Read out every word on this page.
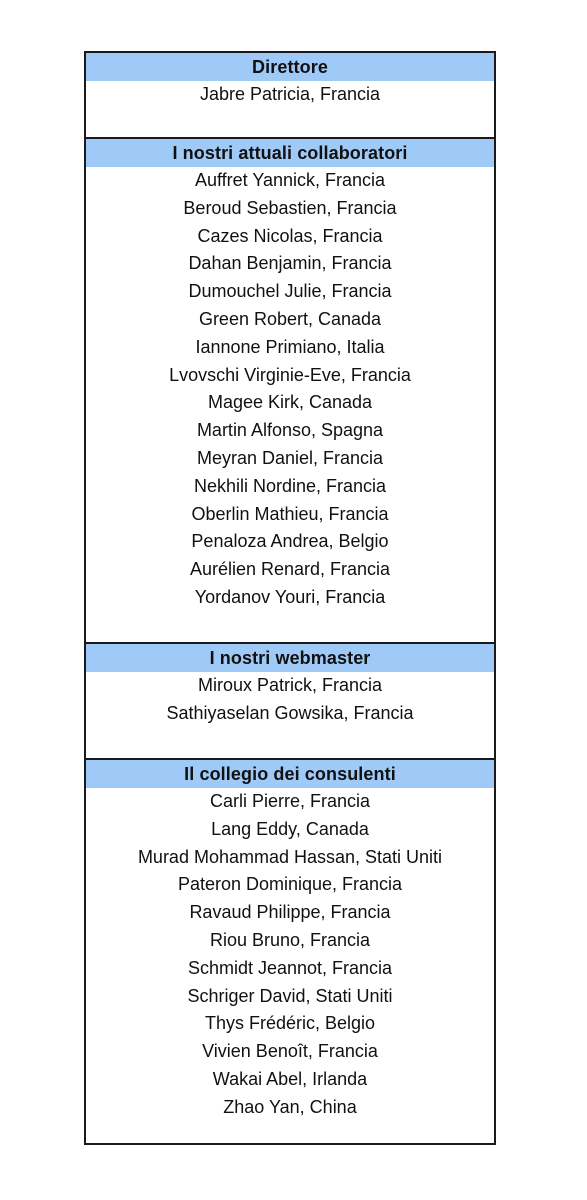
Direttore
Jabre Patricia, Francia
I nostri attuali collaboratori
Auffret Yannick, Francia
Beroud Sebastien, Francia
Cazes Nicolas, Francia
Dahan Benjamin, Francia
Dumouchel Julie, Francia
Green Robert, Canada
Iannone Primiano, Italia
Lvovschi Virginie-Eve, Francia
Magee Kirk, Canada
Martin Alfonso, Spagna
Meyran Daniel, Francia
Nekhili Nordine, Francia
Oberlin Mathieu, Francia
Penaloza Andrea, Belgio
Aurélien Renard, Francia
Yordanov Youri, Francia
I nostri webmaster
Miroux Patrick, Francia
Sathiyaselan Gowsika, Francia
Il collegio dei consulenti
Carli Pierre, Francia
Lang Eddy, Canada
Murad Mohammad Hassan, Stati Uniti
Pateron Dominique, Francia
Ravaud Philippe, Francia
Riou Bruno, Francia
Schmidt Jeannot, Francia
Schriger David, Stati Uniti
Thys Frédéric, Belgio
Vivien Benoît, Francia
Wakai Abel, Irlanda
Zhao Yan, China
